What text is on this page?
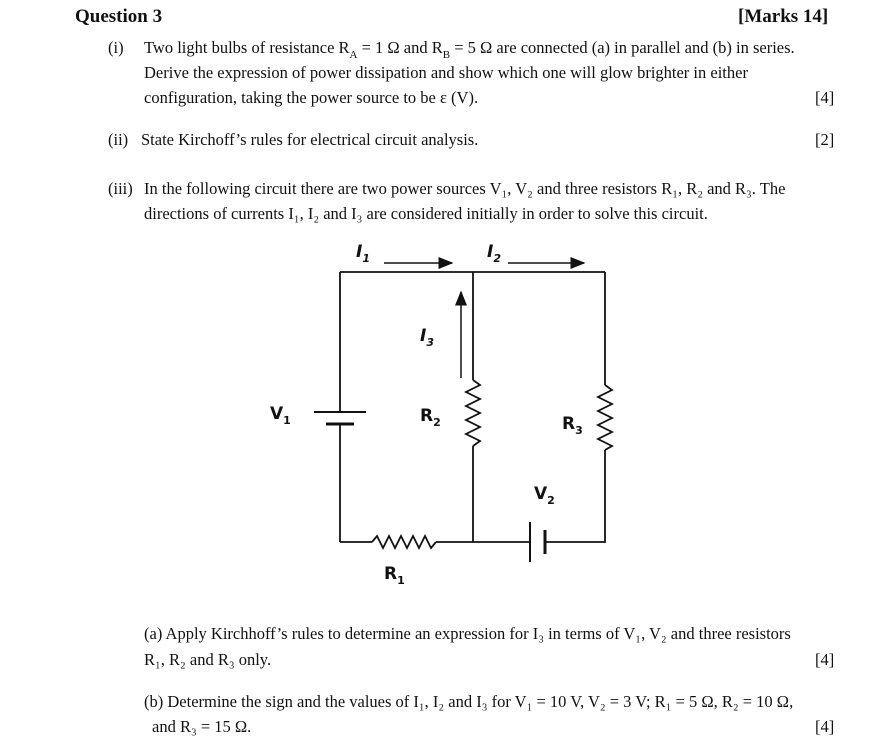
Question 3	[Marks 14]
(i) Two light bulbs of resistance $R_A = 1$ Ω and $R_B = 5$ Ω are connected (a) in parallel and (b) in series.
Derive the expression of power dissipation and show which one will glow brighter in either
configuration, taking the power source to be ε (V).	[4]
(ii) State Kirchoff’s rules for electrical circuit analysis.	[2]
(iii) In the following circuit there are two power sources V₁, V₂ and three resistors R₁, R₂ and R₃. The
directions of currents I₁, I₂ and I₃ are considered initially in order to solve this circuit.
$I_1$	$I_2$
$I_3$
$V_1$	$R_2$	$R_3$
$V_2$
$R_1$
(a) Apply Kirchhoff’s rules to determine an expression for I₃ in terms of V₁, V₂ and three resistors
R₁, R₂ and R₃ only.	[4]
(b) Determine the sign and the values of I₁, I₂ and I₃ for V₁ = 10 V, V₂ = 3 V; R₁ = 5 Ω, R₂ = 10 Ω,
and R₃ = 15 Ω.	[4]
